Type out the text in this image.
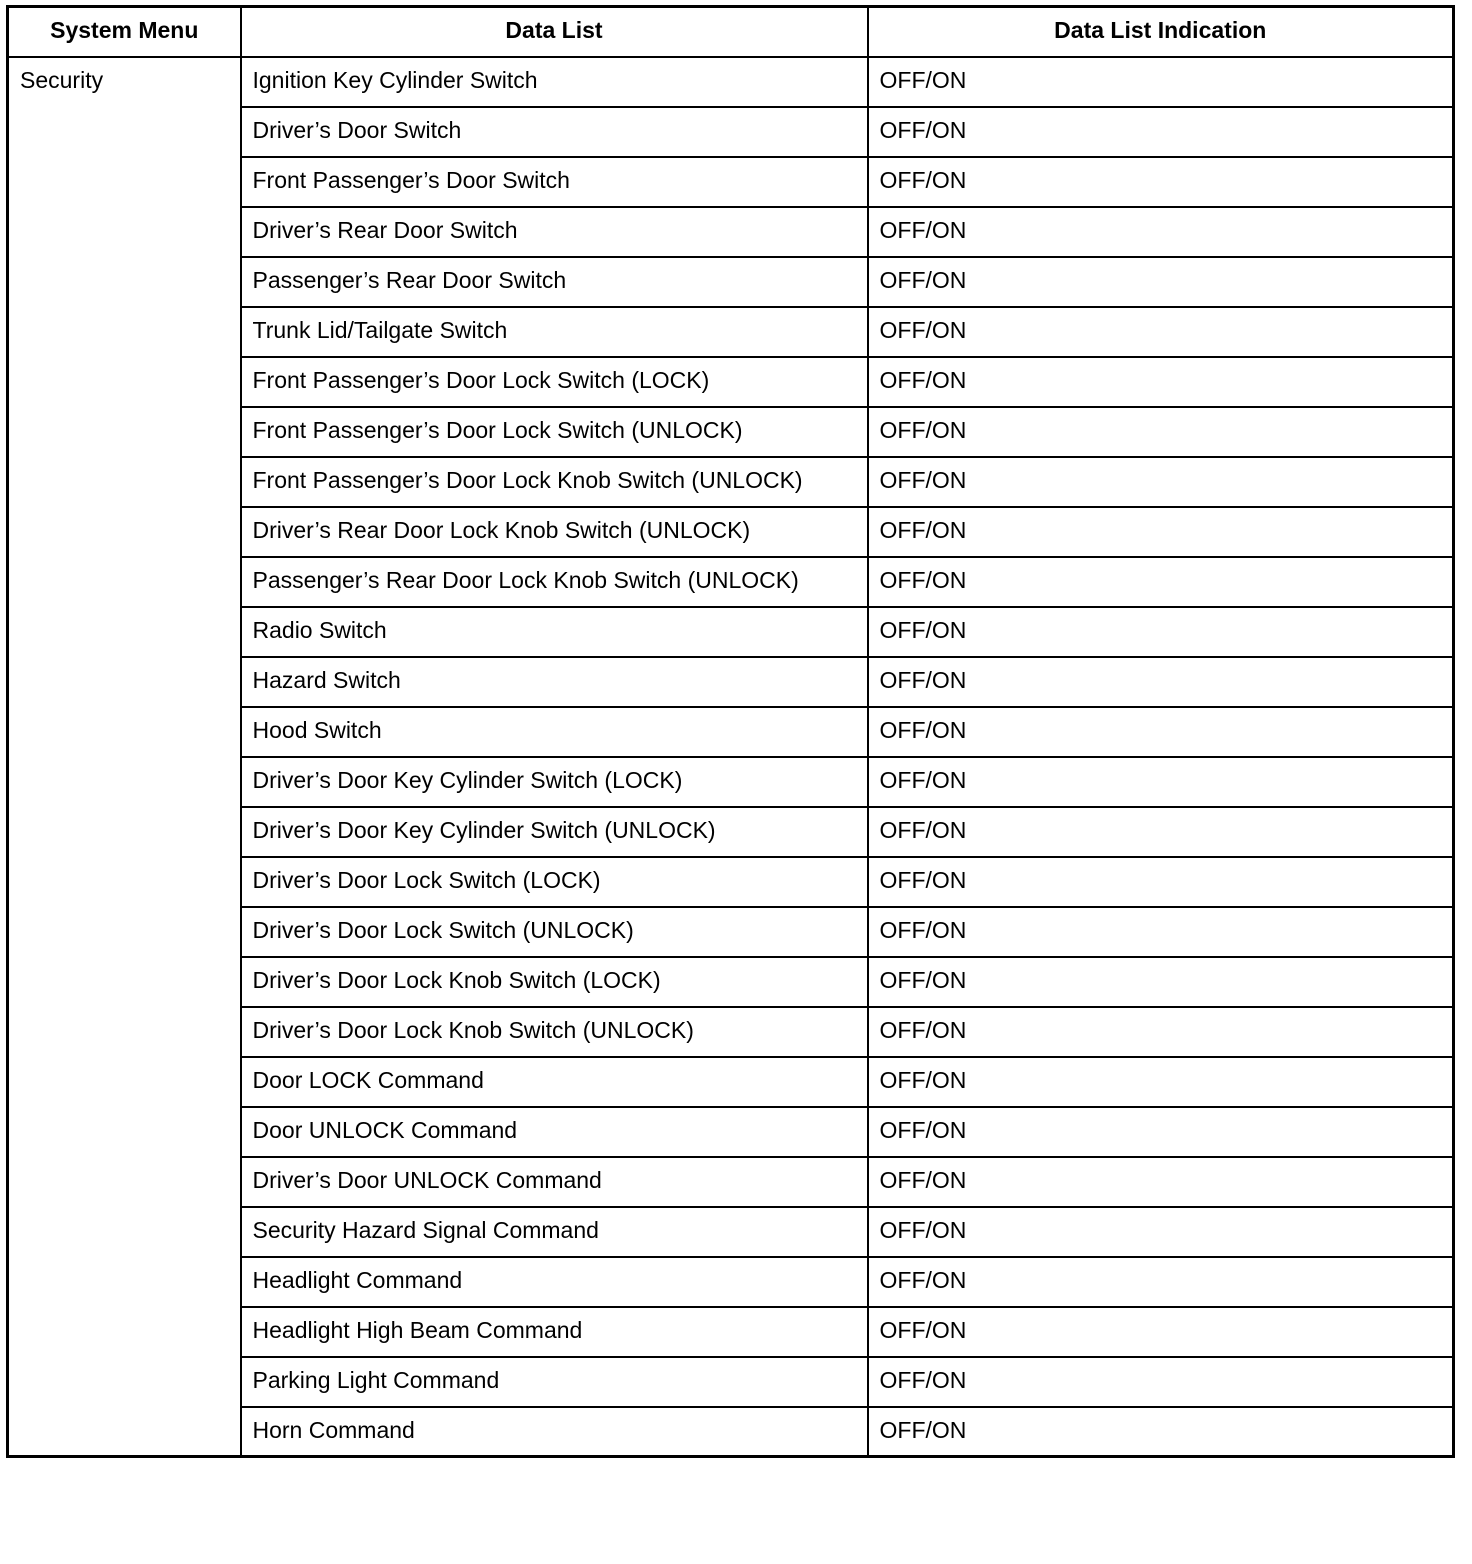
System Menu	Data List	Data List Indication
Security	Ignition Key Cylinder Switch	OFF/ON
	Driver’s Door Switch	OFF/ON
	Front Passenger’s Door Switch	OFF/ON
	Driver’s Rear Door Switch	OFF/ON
	Passenger’s Rear Door Switch	OFF/ON
	Trunk Lid/Tailgate Switch	OFF/ON
	Front Passenger’s Door Lock Switch (LOCK)	OFF/ON
	Front Passenger’s Door Lock Switch (UNLOCK)	OFF/ON
	Front Passenger’s Door Lock Knob Switch (UNLOCK)	OFF/ON
	Driver’s Rear Door Lock Knob Switch (UNLOCK)	OFF/ON
	Passenger’s Rear Door Lock Knob Switch (UNLOCK)	OFF/ON
	Radio Switch	OFF/ON
	Hazard Switch	OFF/ON
	Hood Switch	OFF/ON
	Driver’s Door Key Cylinder Switch (LOCK)	OFF/ON
	Driver’s Door Key Cylinder Switch (UNLOCK)	OFF/ON
	Driver’s Door Lock Switch (LOCK)	OFF/ON
	Driver’s Door Lock Switch (UNLOCK)	OFF/ON
	Driver’s Door Lock Knob Switch (LOCK)	OFF/ON
	Driver’s Door Lock Knob Switch (UNLOCK)	OFF/ON
	Door LOCK Command	OFF/ON
	Door UNLOCK Command	OFF/ON
	Driver’s Door UNLOCK Command	OFF/ON
	Security Hazard Signal Command	OFF/ON
	Headlight Command	OFF/ON
	Headlight High Beam Command	OFF/ON
	Parking Light Command	OFF/ON
	Horn Command	OFF/ON
